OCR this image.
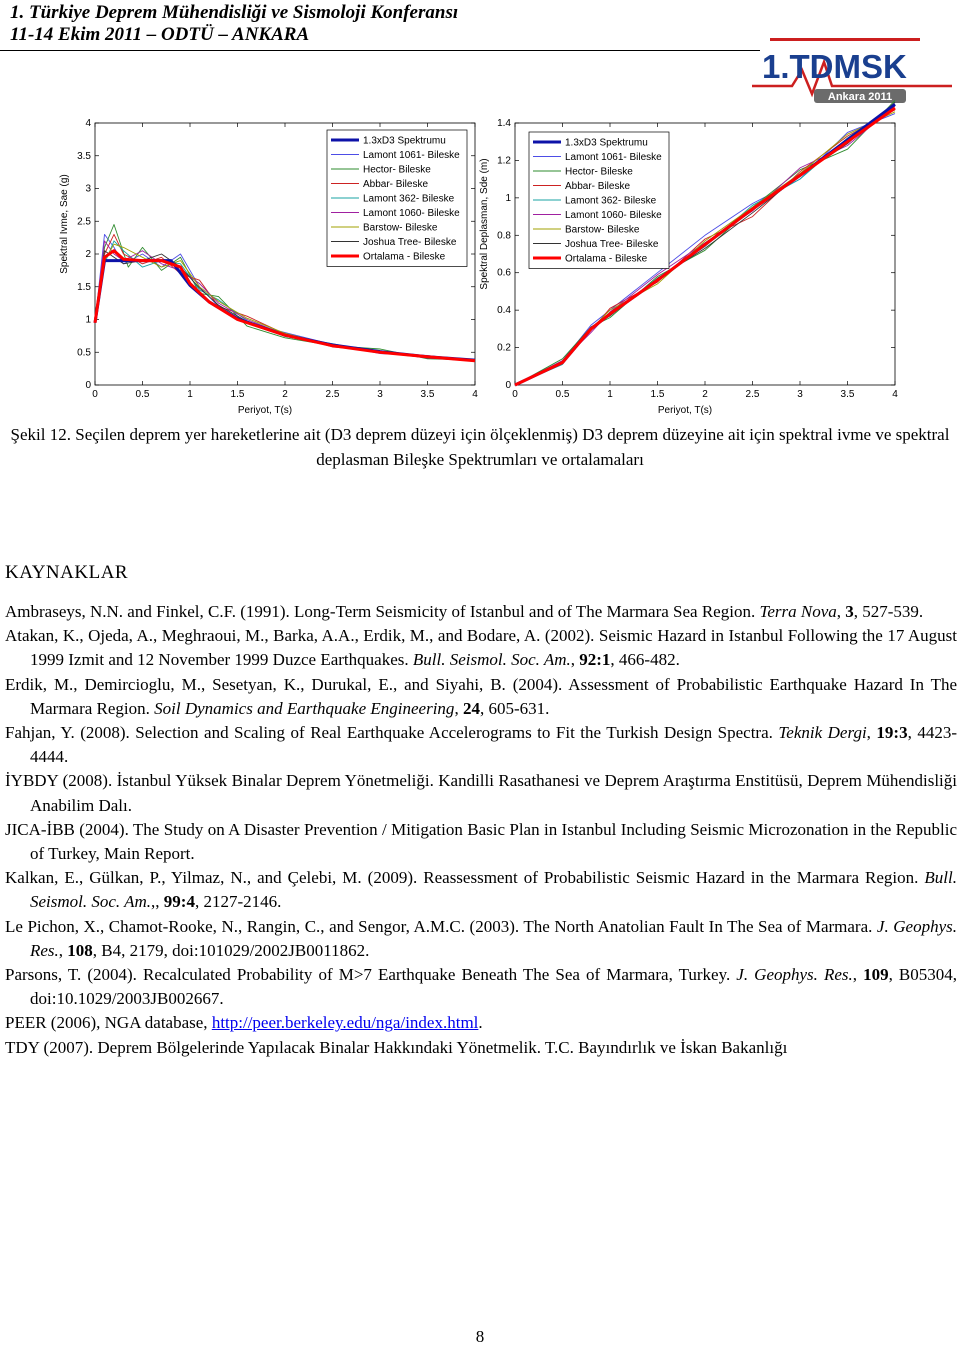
1. Türkiye Deprem Mühendisliği ve Sismoloji Konferansı
11-14 Ekim 2011 – ODTÜ – ANKARA
1.TDMSK
Ankara 2011
0	0.5	1	1.5	2	2.5	3	3.5	4
0
0.5
1
1.5
2
2.5
3
3.5
4
Periyot, T(s)
Spektral Ivme, Sae (g)
1.3xD3 Spektrumu
Lamont 1061- Bileske
Hector- Bileske
Abbar- Bileske
Lamont 362- Bileske
Lamont 1060- Bileske
Barstow- Bileske
Joshua Tree- Bileske
Ortalama - Bileske
0	0.5	1	1.5	2	2.5	3	3.5	4
0
0.2
0.4
0.6
0.8
1
1.2
1.4
Periyot, T(s)
Spektral Deplasman, Sde (m)
1.3xD3 Spektrumu
Lamont 1061- Bileske
Hector- Bileske
Abbar- Bileske
Lamont 362- Bileske
Lamont 1060- Bileske
Barstow- Bileske
Joshua Tree- Bileske
Ortalama - Bileske
Şekil 12. Seçilen deprem yer hareketlerine ait (D3 deprem düzeyi için ölçeklenmiş) D3 deprem düzeyine ait için spektral ivme ve spektral deplasman Bileşke Spektrumları ve ortalamaları
KAYNAKLAR

Ambraseys, N.N. and Finkel, C.F. (1991). Long-Term Seismicity of Istanbul and of The Marmara Sea Region. Terra Nova, 3, 527-539.

Atakan, K., Ojeda, A., Meghraoui, M., Barka, A.A., Erdik, M., and Bodare, A. (2002). Seismic Hazard in Istanbul Following the 17 August 1999 Izmit and 12 November 1999 Duzce Earthquakes. Bull. Seismol. Soc. Am., 92:1, 466-482.

Erdik, M., Demircioglu, M., Sesetyan, K., Durukal, E., and Siyahi, B. (2004). Assessment of Probabilistic Earthquake Hazard In The Marmara Region. Soil Dynamics and Earthquake Engineering, 24, 605-631.

Fahjan, Y. (2008). Selection and Scaling of Real Earthquake Accelerograms to Fit the Turkish Design Spectra. Teknik Dergi, 19:3, 4423-4444.

İYBDY (2008). İstanbul Yüksek Binalar Deprem Yönetmeliği. Kandilli Rasathanesi ve Deprem Araştırma Enstitüsü, Deprem Mühendisliği Anabilim Dalı.

JICA-İBB (2004). The Study on A Disaster Prevention / Mitigation Basic Plan in Istanbul Including Seismic Microzonation in the Republic of Turkey, Main Report.

Kalkan, E., Gülkan, P., Yilmaz, N., and Çelebi, M. (2009). Reassessment of Probabilistic Seismic Hazard in the Marmara Region. Bull. Seismol. Soc. Am.,, 99:4, 2127-2146.

Le Pichon, X., Chamot-Rooke, N., Rangin, C., and Sengor, A.M.C. (2003). The North Anatolian Fault In The Sea of Marmara. J. Geophys. Res., 108, B4, 2179, doi:101029/2002JB0011862.

Parsons, T. (2004). Recalculated Probability of M>7 Earthquake Beneath The Sea of Marmara, Turkey. J. Geophys. Res., 109, B05304, doi:10.1029/2003JB002667.

PEER (2006), NGA database, http://peer.berkeley.edu/nga/index.html.

TDY (2007). Deprem Bölgelerinde Yapılacak Binalar Hakkındaki Yönetmelik. T.C. Bayındırlık ve İskan Bakanlığı

8
